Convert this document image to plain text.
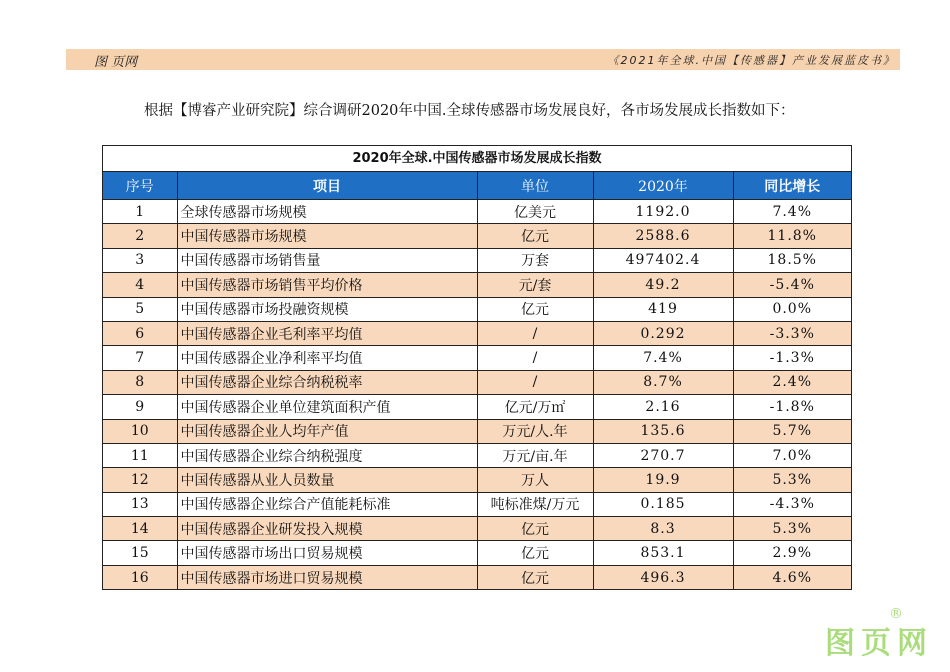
图 页网	《2021年全球.中国【传感器】产业发展蓝皮书》
根据【博睿产业研究院】综合调研2020年中国.全球传感器市场发展良好，各市场发展成长指数如下：
2020年全球.中国传感器市场发展成长指数
序号	项目	单位	2020年	同比增长
1	全球传感器市场规模	亿美元	1192.0	7.4%
2	中国传感器市场规模	亿元	2588.6	11.8%
3	中国传感器市场销售量	万套	497402.4	18.5%
4	中国传感器市场销售平均价格	元/套	49.2	-5.4%
5	中国传感器市场投融资规模	亿元	419	0.0%
6	中国传感器企业毛利率平均值	/	0.292	-3.3%
7	中国传感器企业净利率平均值	/	7.4%	-1.3%
8	中国传感器企业综合纳税税率	/	8.7%	2.4%
9	中国传感器企业单位建筑面积产值	亿元/万㎡	2.16	-1.8%
10	中国传感器企业人均年产值	万元/人.年	135.6	5.7%
11	中国传感器企业综合纳税强度	万元/亩.年	270.7	7.0%
12	中国传感器从业人员数量	万人	19.9	5.3%
13	中国传感器企业综合产值能耗标准	吨标准煤/万元	0.185	-4.3%
14	中国传感器企业研发投入规模	亿元	8.3	5.3%
15	中国传感器市场出口贸易规模	亿元	853.1	2.9%
16	中国传感器市场进口贸易规模	亿元	496.3	4.6%
®
图页网
